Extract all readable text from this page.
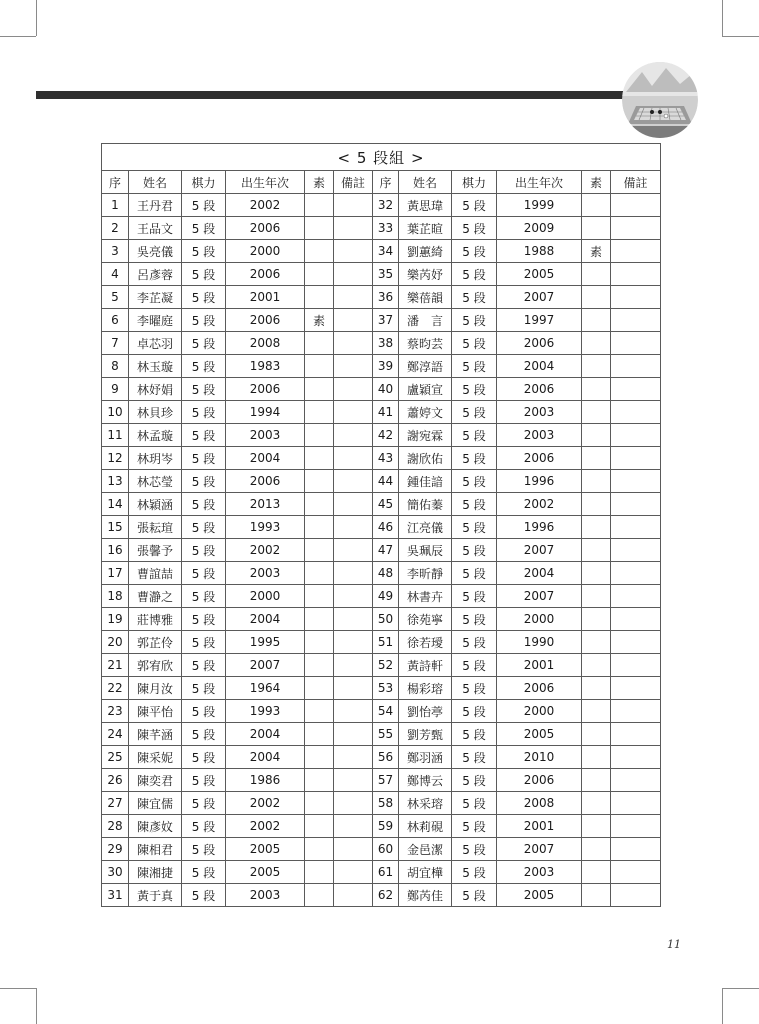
< 5 段組 >											
序	姓名	棋力	出生年次	素	備註	序	姓名	棋力	出生年次	素	備註
1	王丹君	5 段	2002			32	黃思瑋	5 段	1999		
2	王品文	5 段	2006			33	葉芷暄	5 段	2009		
3	吳亮儀	5 段	2000			34	劉蕙綺	5 段	1988	素	
4	呂彥蓉	5 段	2006			35	樂芮妤	5 段	2005		
5	李芷凝	5 段	2001			36	樂蓓韻	5 段	2007		
6	李曜庭	5 段	2006	素		37	潘　言	5 段	1997		
7	卓芯羽	5 段	2008			38	蔡昀芸	5 段	2006		
8	林玉璇	5 段	1983			39	鄭淳語	5 段	2004		
9	林妤娟	5 段	2006			40	盧穎宣	5 段	2006		
10	林貝珍	5 段	1994			41	蕭婷文	5 段	2003		
11	林孟璇	5 段	2003			42	謝宛霖	5 段	2003		
12	林玥岑	5 段	2004			43	謝欣佑	5 段	2006		
13	林芯瑩	5 段	2006			44	鍾佳諳	5 段	1996		
14	林穎涵	5 段	2013			45	簡佑蓁	5 段	2002		
15	張耘瑄	5 段	1993			46	江亮儀	5 段	1996		
16	張馨予	5 段	2002			47	吳珮辰	5 段	2007		
17	曹誼喆	5 段	2003			48	李昕靜	5 段	2004		
18	曹瀞之	5 段	2000			49	林書卉	5 段	2007		
19	莊博雅	5 段	2004			50	徐苑寧	5 段	2000		
20	郭芷伶	5 段	1995			51	徐若璦	5 段	1990		
21	郭宥欣	5 段	2007			52	黃詩軒	5 段	2001		
22	陳月汝	5 段	1964			53	楊彩瑢	5 段	2006		
23	陳平怡	5 段	1993			54	劉怡葶	5 段	2000		
24	陳芊涵	5 段	2004			55	劉芳甄	5 段	2005		
25	陳采妮	5 段	2004			56	鄭羽涵	5 段	2010		
26	陳奕君	5 段	1986			57	鄭博云	5 段	2006		
27	陳宜儒	5 段	2002			58	林采瑢	5 段	2008		
28	陳彥妏	5 段	2002			59	林莉硯	5 段	2001		
29	陳相君	5 段	2005			60	金邑潔	5 段	2007		
30	陳湘捷	5 段	2005			61	胡宜樺	5 段	2003		
31	黃于真	5 段	2003			62	鄭芮佳	5 段	2005		
11
